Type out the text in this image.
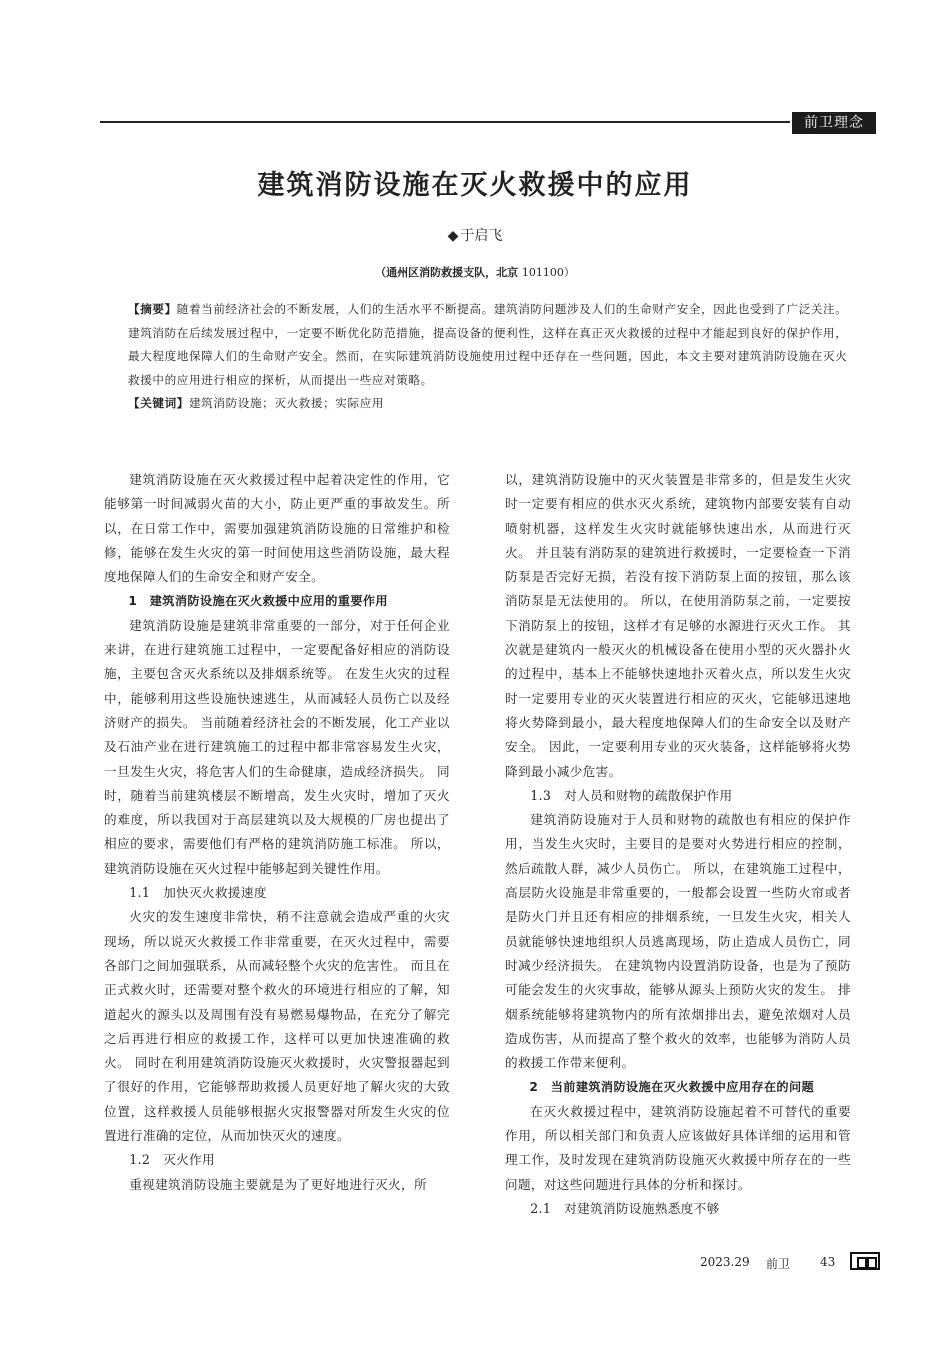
前卫理念
建筑消防设施在灭火救援中的应用
◆ 于启飞
（通州区消防救援支队，北京 101100）
【摘要】随着当前经济社会的不断发展，人们的生活水平不断提高。建筑消防问题涉及人们的生命财产安全，因此也受到了广泛关注。建筑消防在后续发展过程中，一定要不断优化防范措施，提高设备的便利性，这样在真正灭火救援的过程中才能起到良好的保护作用，最大程度地保障人们的生命财产安全。然而，在实际建筑消防设施使用过程中还存在一些问题，因此，本文主要对建筑消防设施在灭火救援中的应用进行相应的探析，从而提出一些应对策略。
【关键词】建筑消防设施；灭火救援；实际应用

建筑消防设施在灭火救援过程中起着决定性的作用，它能够第一时间减弱火苗的大小，防止更严重的事故发生。所以，在日常工作中，需要加强建筑消防设施的日常维护和检修，能够在发生火灾的第一时间使用这些消防设施，最大程度地保障人们的生命安全和财产安全。

1　建筑消防设施在灭火救援中应用的重要作用

建筑消防设施是建筑非常重要的一部分，对于任何企业来讲，在进行建筑施工过程中，一定要配备好相应的消防设施，主要包含灭火系统以及排烟系统等。 在发生火灾的过程中，能够利用这些设施快速逃生，从而减轻人员伤亡以及经济财产的损失。 当前随着经济社会的不断发展，化工产业以及石油产业在进行建筑施工的过程中都非常容易发生火灾，一旦发生火灾，将危害人们的生命健康，造成经济损失。 同时，随着当前建筑楼层不断增高，发生火灾时，增加了灭火的难度，所以我国对于高层建筑以及大规模的厂房也提出了相应的要求，需要他们有严格的建筑消防施工标准。 所以，建筑消防设施在灭火过程中能够起到关键性作用。

1.1　加快灭火救援速度

火灾的发生速度非常快，稍不注意就会造成严重的火灾现场，所以说灭火救援工作非常重要，在灭火过程中，需要各部门之间加强联系，从而减轻整个火灾的危害性。 而且在正式救火时，还需要对整个救火的环境进行相应的了解，知道起火的源头以及周围有没有易燃易爆物品，在充分了解完之后再进行相应的救援工作，这样可以更加快速准确的救火。 同时在利用建筑消防设施灭火救援时，火灾警报器起到了很好的作用，它能够帮助救援人员更好地了解火灾的大致位置，这样救援人员能够根据火灾报警器对所发生火灾的位置进行准确的定位，从而加快灭火的速度。

1.2　灭火作用

重视建筑消防设施主要就是为了更好地进行灭火，所

以，建筑消防设施中的灭火装置是非常多的，但是发生火灾时一定要有相应的供水灭火系统，建筑物内部要安装有自动喷射机器，这样发生火灾时就能够快速出水，从而进行灭火。 并且装有消防泵的建筑进行救援时，一定要检查一下消防泵是否完好无损，若没有按下消防泵上面的按钮，那么该消防泵是无法使用的。 所以，在使用消防泵之前，一定要按下消防泵上的按钮，这样才有足够的水源进行灭火工作。 其次就是建筑内一般灭火的机械设备在使用小型的灭火器扑火的过程中，基本上不能够快速地扑灭着火点，所以发生火灾时一定要用专业的灭火装置进行相应的灭火，它能够迅速地将火势降到最小，最大程度地保障人们的生命安全以及财产安全。 因此，一定要利用专业的灭火装备，这样能够将火势降到最小减少危害。

1.3　对人员和财物的疏散保护作用

建筑消防设施对于人员和财物的疏散也有相应的保护作用，当发生火灾时，主要目的是要对火势进行相应的控制，然后疏散人群，减少人员伤亡。 所以，在建筑施工过程中，高层防火设施是非常重要的，一般都会设置一些防火帘或者是防火门并且还有相应的排烟系统，一旦发生火灾，相关人员就能够快速地组织人员逃离现场，防止造成人员伤亡，同时减少经济损失。 在建筑物内设置消防设备，也是为了预防可能会发生的火灾事故，能够从源头上预防火灾的发生。 排烟系统能够将建筑物内的所有浓烟排出去，避免浓烟对人员造成伤害，从而提高了整个救火的效率，也能够为消防人员的救援工作带来便利。

2　当前建筑消防设施在灭火救援中应用存在的问题

在灭火救援过程中，建筑消防设施起着不可替代的重要作用，所以相关部门和负责人应该做好具体详细的运用和管理工作，及时发现在建筑消防设施灭火救援中所存在的一些问题，对这些问题进行具体的分析和探讨。

2.1　对建筑消防设施熟悉度不够

2023.29 前卫 43
